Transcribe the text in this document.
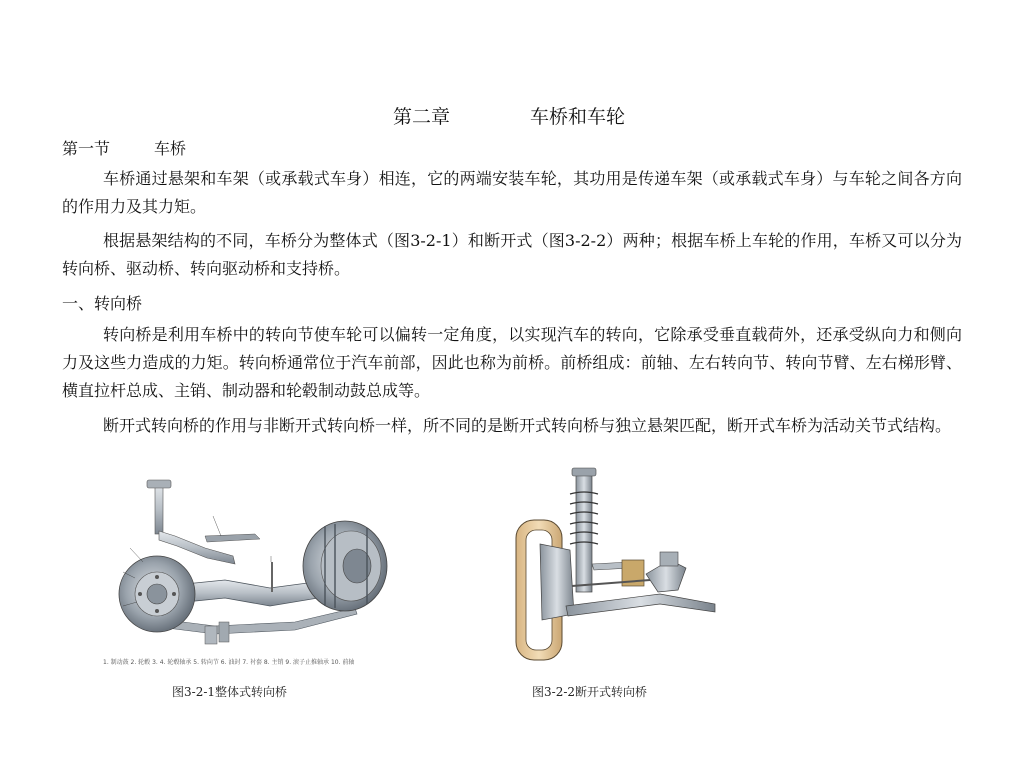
第二章	车桥和车轮
第一节	车桥

车桥通过悬架和车架（或承载式车身）相连，它的两端安装车轮，其功用是传递车架（或承载式车身）与车轮之间各方向的作用力及其力矩。

根据悬架结构的不同，车桥分为整体式（图3-2-1）和断开式（图3-2-2）两种；根据车桥上车轮的作用，车桥又可以分为转向桥、驱动桥、转向驱动桥和支持桥。

一、转向桥

转向桥是利用车桥中的转向节使车轮可以偏转一定角度，以实现汽车的转向，它除承受垂直载荷外，还承受纵向力和侧向力及这些力造成的力矩。转向桥通常位于汽车前部，因此也称为前桥。前桥组成：前轴、左右转向节、转向节臂、左右梯形臂、横直拉杆总成、主销、制动器和轮毂制动鼓总成等。

断开式转向桥的作用与非断开式转向桥一样，所不同的是断开式转向桥与独立悬架匹配，断开式车桥为活动关节式结构。

1. 制动鼓 2. 轮毂 3. 4. 轮毂轴承 5. 转向节 6. 油封 7. 衬套 8. 主销 9. 滚子止推轴承 10. 前轴
图3-2-1整体式转向桥	图3-2-2断开式转向桥
